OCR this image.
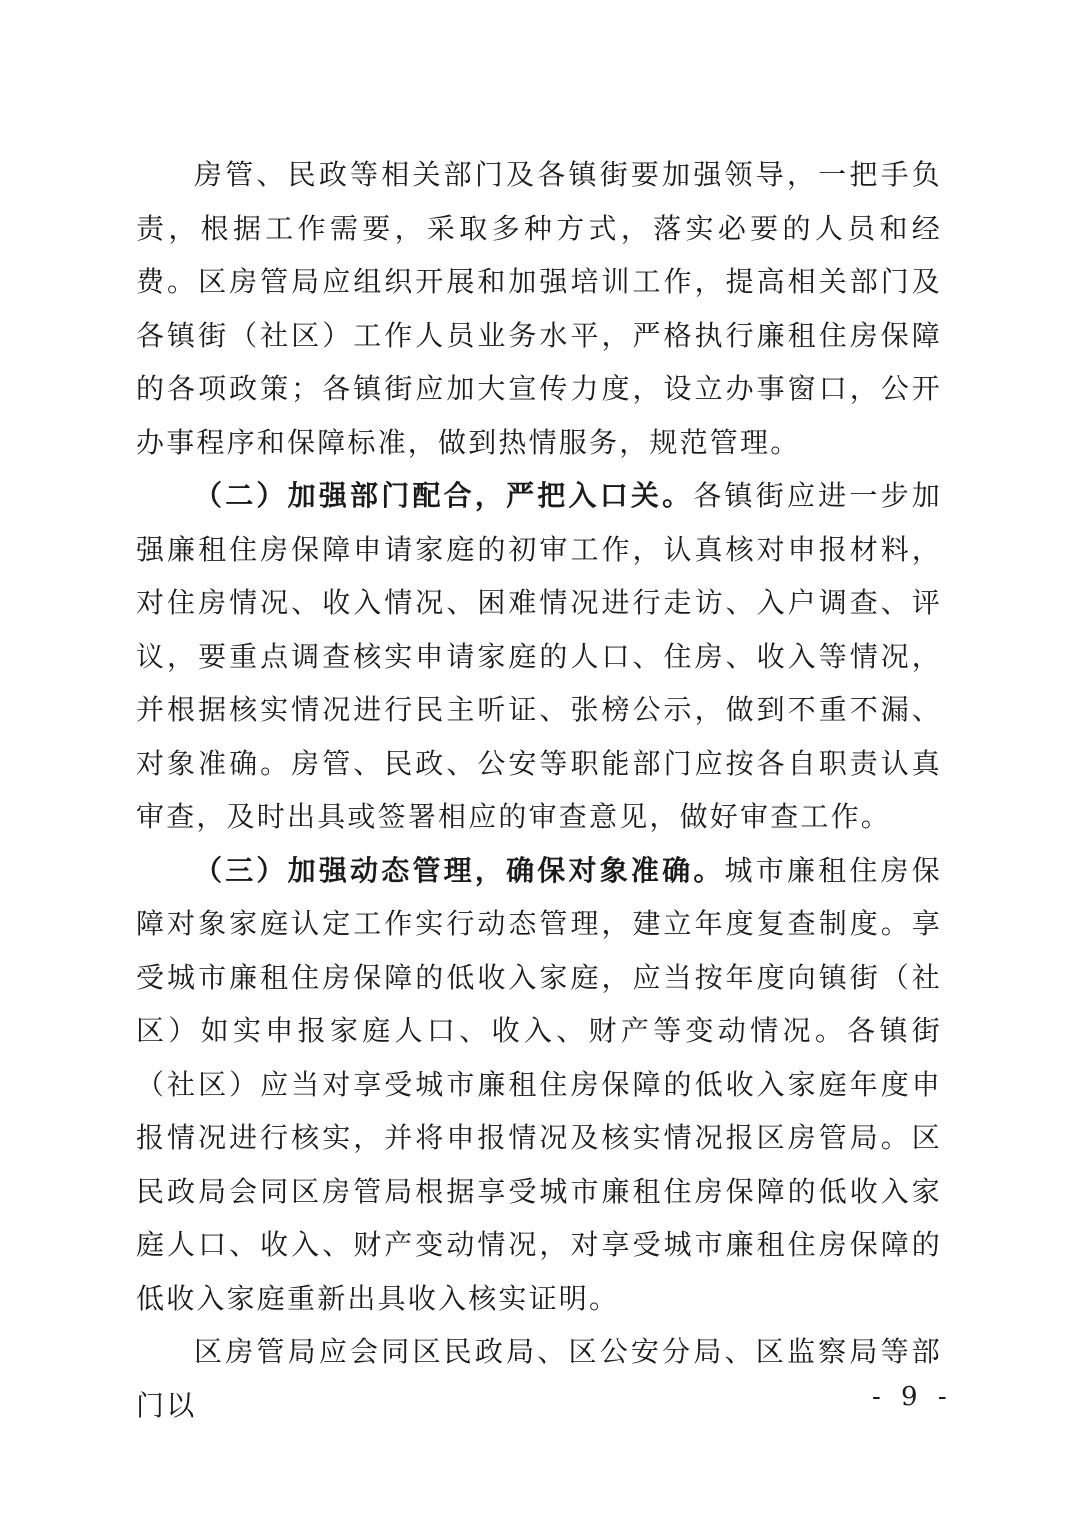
房管、民政等相关部门及各镇街要加强领导，一把手负责，根据工作需要，采取多种方式，落实必要的人员和经费。区房管局应组织开展和加强培训工作，提高相关部门及各镇街（社区）工作人员业务水平，严格执行廉租住房保障的各项政策；各镇街应加大宣传力度，设立办事窗口，公开办事程序和保障标准，做到热情服务，规范管理。

（二）加强部门配合，严把入口关。各镇街应进一步加强廉租住房保障申请家庭的初审工作，认真核对申报材料，对住房情况、收入情况、困难情况进行走访、入户调查、评议，要重点调查核实申请家庭的人口、住房、收入等情况，并根据核实情况进行民主听证、张榜公示，做到不重不漏、对象准确。房管、民政、公安等职能部门应按各自职责认真审查，及时出具或签署相应的审查意见，做好审查工作。

（三）加强动态管理，确保对象准确。城市廉租住房保障对象家庭认定工作实行动态管理，建立年度复查制度。享受城市廉租住房保障的低收入家庭，应当按年度向镇街（社区）如实申报家庭人口、收入、财产等变动情况。各镇街（社区）应当对享受城市廉租住房保障的低收入家庭年度申报情况进行核实，并将申报情况及核实情况报区房管局。区民政局会同区房管局根据享受城市廉租住房保障的低收入家庭人口、收入、财产变动情况，对享受城市廉租住房保障的低收入家庭重新出具收入核实证明。

区房管局应会同区民政局、区公安分局、区监察局等部门以	- 9 -
